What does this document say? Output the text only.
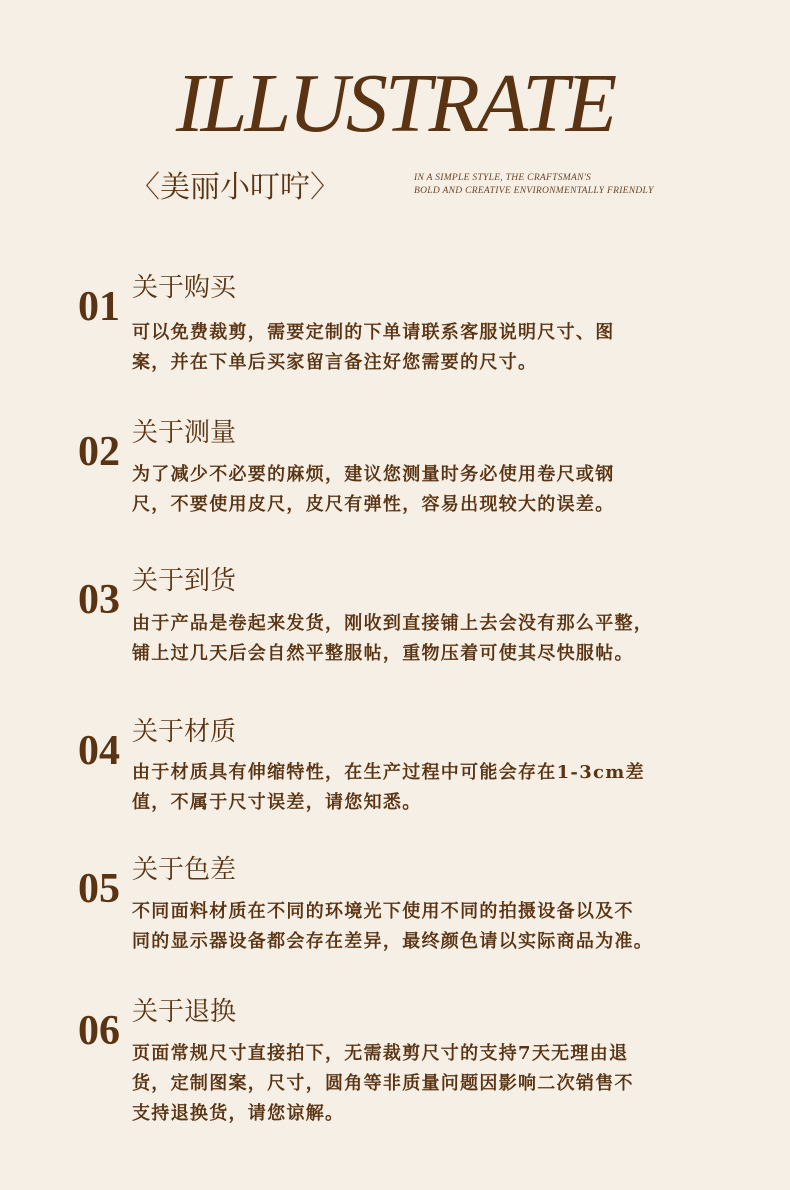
ILLUSTRATE
〈美丽小叮咛〉	IN A SIMPLE STYLE, THE CRAFTSMAN'S
BOLD AND CREATIVE ENVIRONMENTALLY FRIENDLY
01 关于购买
可以免费裁剪，需要定制的下单请联系客服说明尺寸、图
案，并在下单后买家留言备注好您需要的尺寸。
02 关于测量
为了减少不必要的麻烦，建议您测量时务必使用卷尺或钢
尺，不要使用皮尺，皮尺有弹性，容易出现较大的误差。
03 关于到货
由于产品是卷起来发货，刚收到直接铺上去会没有那么平整，
铺上过几天后会自然平整服帖，重物压着可使其尽快服帖。
04 关于材质
由于材质具有伸缩特性，在生产过程中可能会存在1-3cm差
值，不属于尺寸误差，请您知悉。
05 关于色差
不同面料材质在不同的环境光下使用不同的拍摄设备以及不
同的显示器设备都会存在差异，最终颜色请以实际商品为准。
06 关于退换
页面常规尺寸直接拍下，无需裁剪尺寸的支持7天无理由退
货，定制图案，尺寸，圆角等非质量问题因影响二次销售不
支持退换货，请您谅解。
